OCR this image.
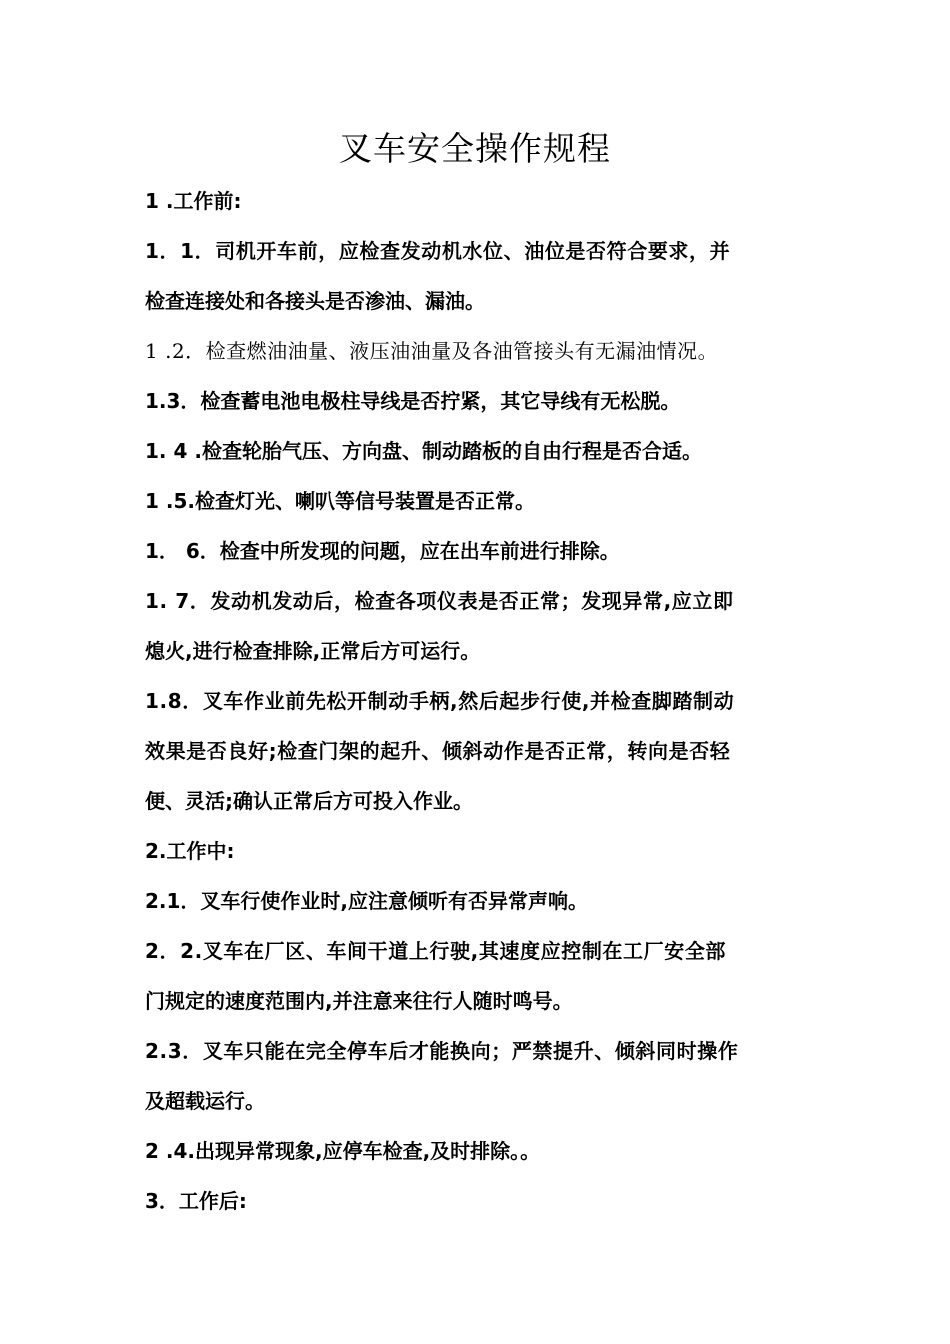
叉车安全操作规程

1 .工作前:

1．1．司机开车前，应检查发动机水位、油位是否符合要求，并

检查连接处和各接头是否渗油、漏油。

1 .2．检查燃油油量、液压油油量及各油管接头有无漏油情况。

1.3．检查蓄电池电极柱导线是否拧紧，其它导线有无松脱。

1. 4 .检查轮胎气压、方向盘、制动踏板的自由行程是否合适。

1 .5.检查灯光、喇叭等信号装置是否正常。

1． 6．检查中所发现的问题，应在出车前进行排除。

1. 7．发动机发动后，检查各项仪表是否正常；发现异常,应立即

熄火,进行检查排除,正常后方可运行。

1.8．叉车作业前先松开制动手柄,然后起步行使,并检查脚踏制动

效果是否良好;检查门架的起升、倾斜动作是否正常，转向是否轻

便、灵活;确认正常后方可投入作业。

2.工作中:

2.1．叉车行使作业时,应注意倾听有否异常声响。

2．2.叉车在厂区、车间干道上行驶,其速度应控制在工厂安全部

门规定的速度范围内,并注意来往行人随时鸣号。

2.3．叉车只能在完全停车后才能换向；严禁提升、倾斜同时操作

及超载运行。

2 .4.出现异常现象,应停车检查,及时排除。。

3．工作后:
